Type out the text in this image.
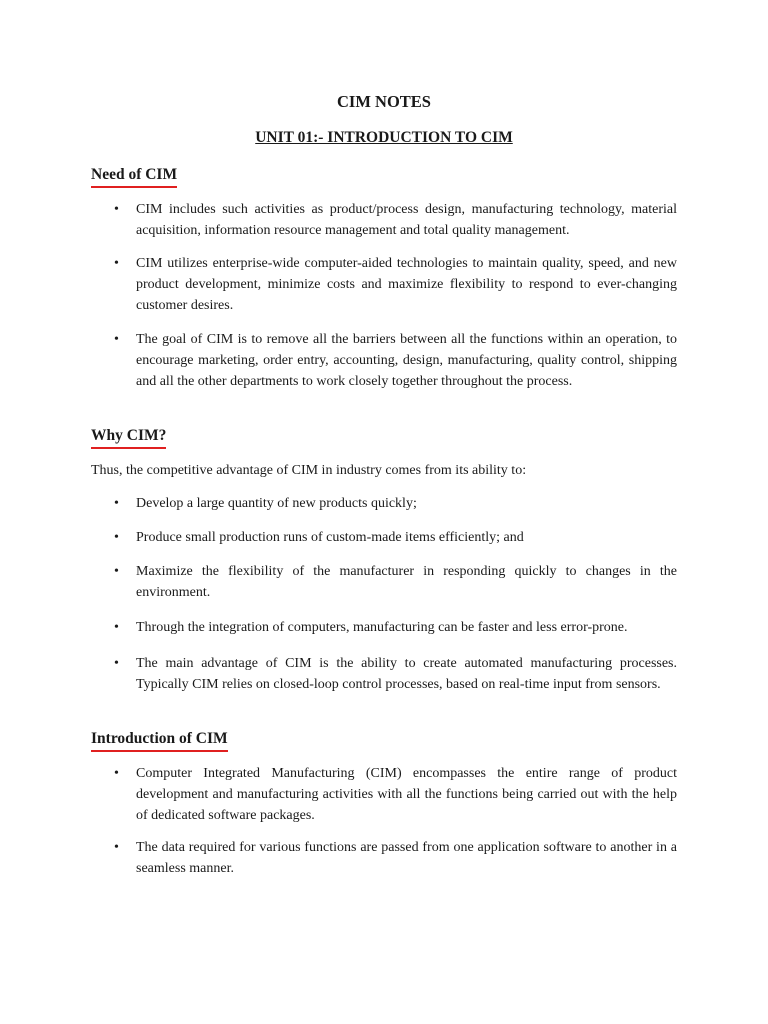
CIM NOTES
UNIT 01:- INTRODUCTION TO CIM
Need of CIM
•	CIM includes such activities as product/process design, manufacturing technology, material acquisition, information resource management and total quality management.
•	CIM utilizes enterprise-wide computer-aided technologies to maintain quality, speed, and new product development, minimize costs and maximize flexibility to respond to ever-changing customer desires.
•	The goal of CIM is to remove all the barriers between all the functions within an operation, to encourage marketing, order entry, accounting, design, manufacturing, quality control, shipping and all the other departments to work closely together throughout the process.
Why CIM?

Thus, the competitive advantage of CIM in industry comes from its ability to:

•	Develop a large quantity of new products quickly;
•	Produce small production runs of custom-made items efficiently; and
•	Maximize the flexibility of the manufacturer in responding quickly to changes in the environment.
•	Through the integration of computers, manufacturing can be faster and less error-prone.
•	The main advantage of CIM is the ability to create automated manufacturing processes. Typically CIM relies on closed-loop control processes, based on real-time input from sensors.
Introduction of CIM
•	Computer Integrated Manufacturing (CIM) encompasses the entire range of product development and manufacturing activities with all the functions being carried out with the help of dedicated software packages.
•	The data required for various functions are passed from one application software to another in a seamless manner.
